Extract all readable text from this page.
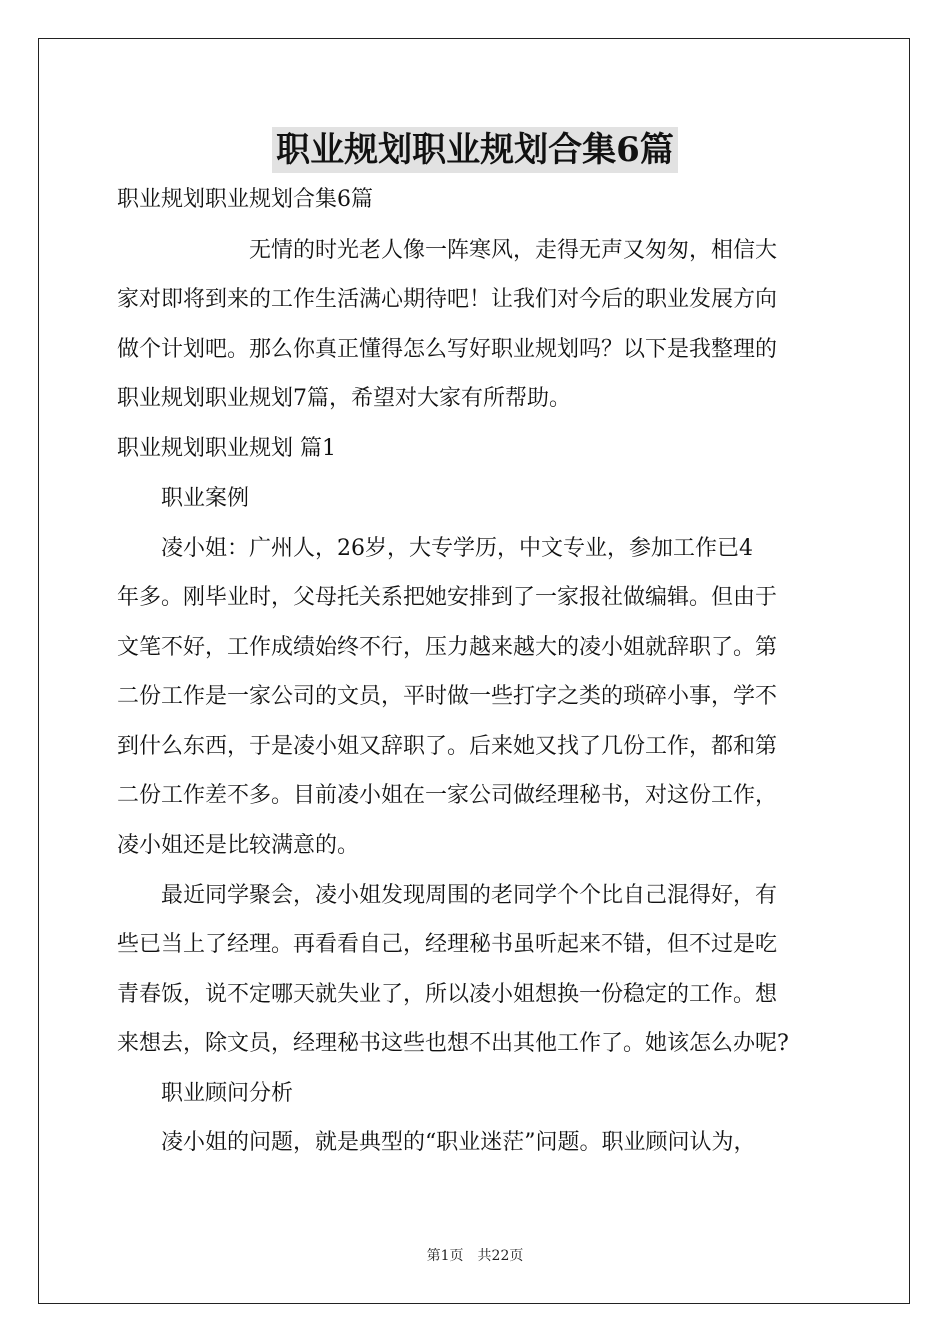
职业规划职业规划合集6篇
职业规划职业规划合集6篇
　　　　　　无情的时光老人像一阵寒风，走得无声又匆匆，相信大
家对即将到来的工作生活满心期待吧！让我们对今后的职业发展方向
做个计划吧。那么你真正懂得怎么写好职业规划吗？以下是我整理的
职业规划职业规划7篇，希望对大家有所帮助。
职业规划职业规划 篇1
　　职业案例
　　凌小姐：广州人，26岁，大专学历，中文专业，参加工作已4
年多。刚毕业时，父母托关系把她安排到了一家报社做编辑。但由于
文笔不好，工作成绩始终不行，压力越来越大的凌小姐就辞职了。第
二份工作是一家公司的文员，平时做一些打字之类的琐碎小事，学不
到什么东西，于是凌小姐又辞职了。后来她又找了几份工作，都和第
二份工作差不多。目前凌小姐在一家公司做经理秘书，对这份工作，
凌小姐还是比较满意的。
　　最近同学聚会，凌小姐发现周围的老同学个个比自己混得好，有
些已当上了经理。再看看自己，经理秘书虽听起来不错，但不过是吃
青春饭，说不定哪天就失业了，所以凌小姐想换一份稳定的工作。想
来想去，除文员，经理秘书这些也想不出其他工作了。她该怎么办呢?
　　职业顾问分析
　　凌小姐的问题，就是典型的“职业迷茫”问题。职业顾问认为，
第1页　共22页
